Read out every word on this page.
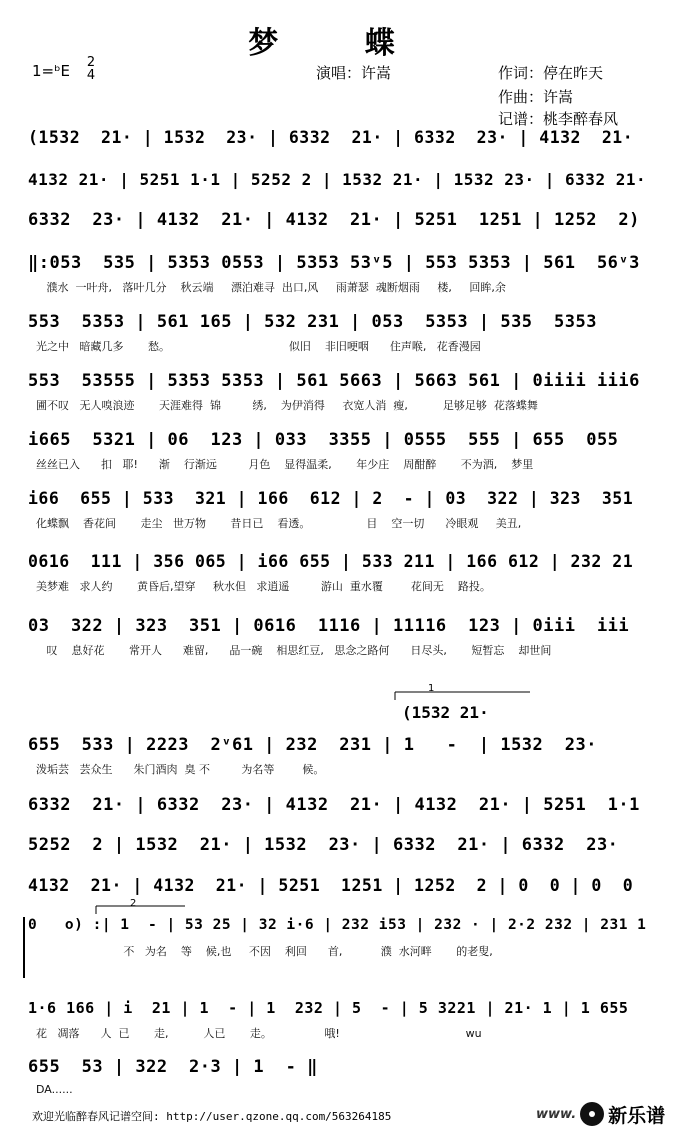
梦 蝶
1=ᵇE 2
4	演唱：许嵩	作词：停在昨天
作曲：许嵩
记谱：桃李醉春风
(1532  21· | 1532  23· | 6332  21· | 6332  23· | 4132  21·
4132 21· | 5251 1·1 | 5252 2 | 1532 21· | 1532 23· | 6332 21·
6332  23· | 4132  21· | 4132  21· | 5251  1251 | 1252  2)
‖:053  535 | 5353 0553 | 5353 53ᵛ5 | 553 5353 | 561  56ᵛ3
濮水  一叶舟,   落叶几分    秋云端     漂泊难寻  出口,风     雨萧瑟  魂断烟雨     楼,     回眸,余
553  5353 | 561 165 | 532 231 | 053  5353 | 535  5353
光之中   暗藏几多       愁。                                  似旧    非旧哽咽      住声喉,   花香漫园
553  53555 | 5353 5353 | 561 5663 | 5663 561 | 0iiii iii6
圃不叹   无人嗅浪迹       天涯难得  锦         绣,    为伊消得     衣宽人消  瘦,          足够足够  花落蝶舞
i665  5321 | 06  123 | 033  3355 | 0555  555 | 655  055
丝丝已入      扣   耶!      渐    行渐远         月色    显得温柔,       年少庄    周酣醉       不为酒,    梦里
i66  655 | 533  321 | 166  612 | 2  - | 03  322 | 323  351
化蝶飘    香花间       走尘   世万物       昔日已    看透。                目    空一切      冷眼观     美丑,
0616  111 | 356 065 | i66 655 | 533 211 | 166 612 | 232 21
美梦难   求人约       黄昏后,望穿     秋水但   求逍遥         游山  重水覆        花间无    路投。
03  322 | 323  351 | 0616  1116 | 11116  123 | 0iii  iii
叹    息好花       常开人      难留,      品一碗    相思红豆,   思念之路何      日尽头,       短暂忘    却世间
655  533 | 2223  2ᵛ61 | 232  231 | 1   -  | 1532  23·
泼垢芸   芸众生      朱门酒肉  臭 不         为名等        候。
6332  21· | 6332  23· | 4132  21· | 4132  21· | 5251  1·1
5252  2 | 1532  21· | 1532  23· | 6332  21· | 6332  23·
4132  21· | 4132  21· | 5251  1251 | 1252  2 | 0  0 | 0  0
0   o) :| 1  - | 53 25 | 32 i·6 | 232 i53 | 232 · | 2·2 232 | 231 1
不   为名    等    候,也     不因    利回      首,           濮  水河畔       的老叟,
1·6 166 | i  21 | 1  - | 1  232 | 5  - | 5 3221 | 21· 1 | 1 655
花   凋落      人  已       走,          人已       走。               哦!                                    wu
655  53 | 322  2·3 | 1  - ‖
DA......
1
(1532 21·
2
欢迎光临醉春风记谱空间: http://user.qzone.qq.com/563264185	www. 新乐谱
